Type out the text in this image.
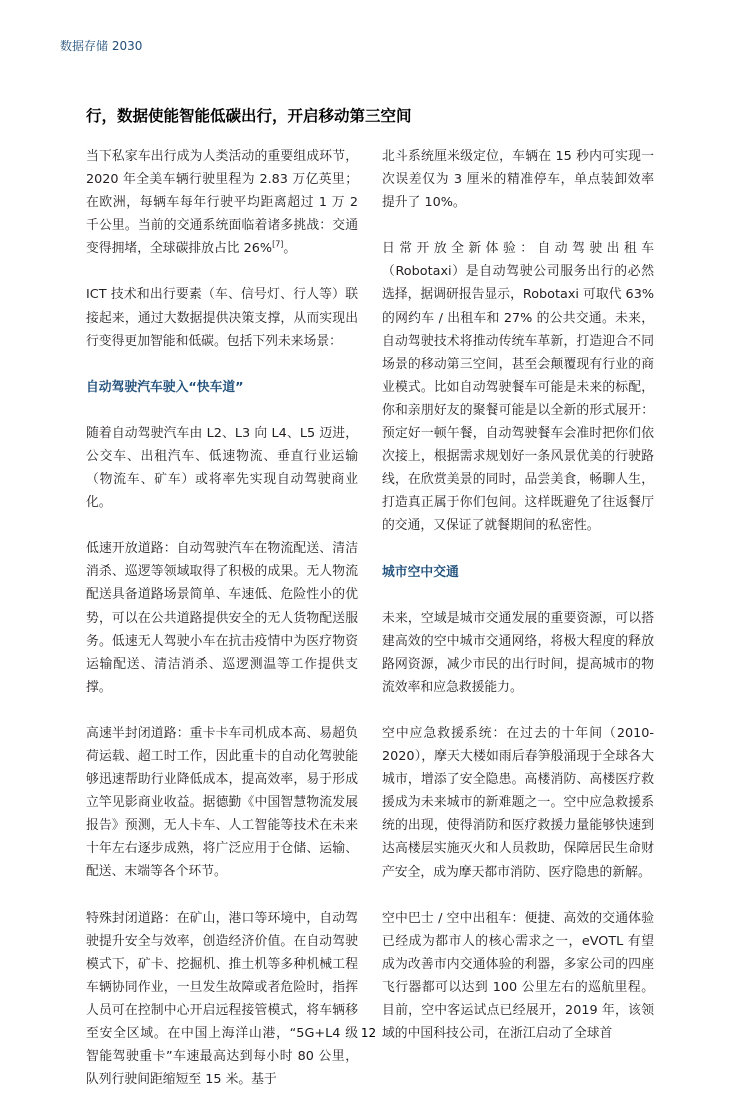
数据存储 2030
行，数据使能智能低碳出行，开启移动第三空间

当下私家车出行成为人类活动的重要组成环节，2020 年全美车辆行驶里程为 2.83 万亿英里；在欧洲，每辆车每年行驶平均距离超过 1 万 2 千公里。当前的交通系统面临着诸多挑战：交通变得拥堵，全球碳排放占比 26%[7]。

ICT 技术和出行要素（车、信号灯、行人等）联接起来，通过大数据提供决策支撑，从而实现出行变得更加智能和低碳。包括下列未来场景：

自动驾驶汽车驶入“快车道”

随着自动驾驶汽车由 L2、L3 向 L4、L5 迈进，公交车、出租汽车、低速物流、垂直行业运输（物流车、矿车）或将率先实现自动驾驶商业化。

低速开放道路：自动驾驶汽车在物流配送、清洁消杀、巡逻等领域取得了积极的成果。无人物流配送具备道路场景简单、车速低、危险性小的优势，可以在公共道路提供安全的无人货物配送服务。低速无人驾驶小车在抗击疫情中为医疗物资运输配送、清洁消杀、巡逻测温等工作提供支撑。

高速半封闭道路：重卡卡车司机成本高、易超负荷运载、超工时工作，因此重卡的自动化驾驶能够迅速帮助行业降低成本，提高效率，易于形成立竿见影商业收益。据德勤《中国智慧物流发展报告》预测，无人卡车、人工智能等技术在未来十年左右逐步成熟，将广泛应用于仓储、运输、配送、末端等各个环节。

特殊封闭道路：在矿山，港口等环境中，自动驾驶提升安全与效率，创造经济价值。在自动驾驶模式下，矿卡、挖掘机、推土机等多种机械工程车辆协同作业，一旦发生故障或者危险时，指挥人员可在控制中心开启远程接管模式，将车辆移至安全区域。在中国上海洋山港，“5G+L4 级智能驾驶重卡”车速最高达到每小时 80 公里，队列行驶间距缩短至 15 米。基于

北斗系统厘米级定位，车辆在 15 秒内可实现一次误差仅为 3 厘米的精准停车，单点装卸效率提升了 10%。

日常开放全新体验：自动驾驶出租车（Robotaxi）是自动驾驶公司服务出行的必然选择，据调研报告显示，Robotaxi 可取代 63% 的网约车 / 出租车和 27% 的公共交通。未来，自动驾驶技术将推动传统车革新，打造迎合不同场景的移动第三空间，甚至会颠覆现有行业的商业模式。比如自动驾驶餐车可能是未来的标配，你和亲朋好友的聚餐可能是以全新的形式展开：预定好一顿午餐，自动驾驶餐车会准时把你们依次接上，根据需求规划好一条风景优美的行驶路线，在欣赏美景的同时，品尝美食，畅聊人生，打造真正属于你们包间。这样既避免了往返餐厅的交通，又保证了就餐期间的私密性。

城市空中交通

未来，空域是城市交通发展的重要资源，可以搭建高效的空中城市交通网络，将极大程度的释放路网资源，减少市民的出行时间，提高城市的物流效率和应急救援能力。

空中应急救援系统：在过去的十年间（2010-2020），摩天大楼如雨后春笋般涌现于全球各大城市，增添了安全隐患。高楼消防、高楼医疗救援成为未来城市的新难题之一。空中应急救援系统的出现，使得消防和医疗救援力量能够快速到达高楼层实施灭火和人员救助，保障居民生命财产安全，成为摩天都市消防、医疗隐患的新解。

空中巴士 / 空中出租车：便捷、高效的交通体验已经成为都市人的核心需求之一，eVOTL 有望成为改善市内交通体验的利器，多家公司的四座飞行器都可以达到 100 公里左右的巡航里程。目前，空中客运试点已经展开，2019 年，该领域的中国科技公司，在浙江启动了全球首

12
